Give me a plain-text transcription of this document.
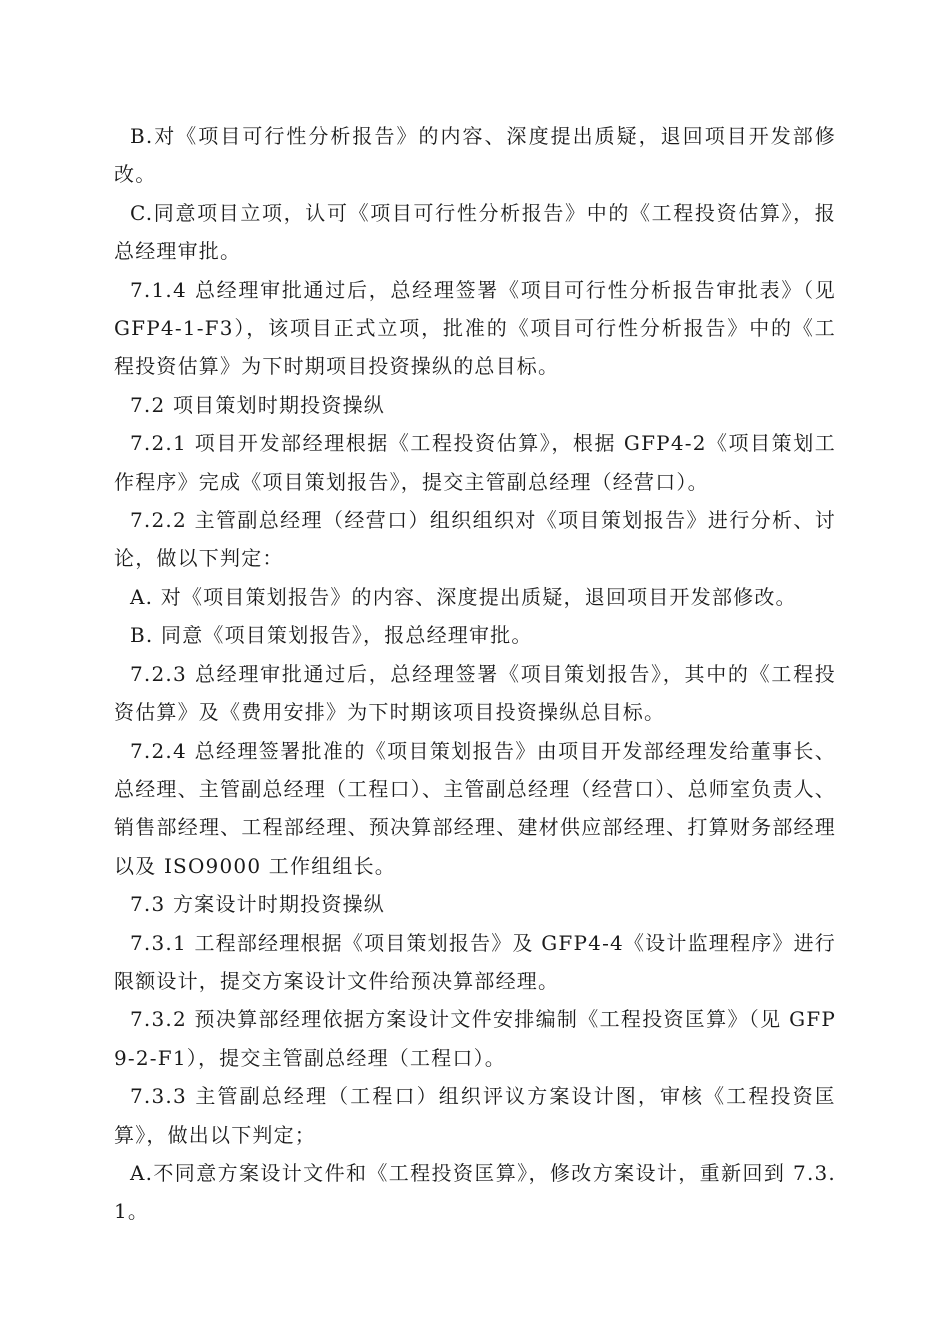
B.对《项目可行性分析报告》的内容、深度提出质疑，退回项目开发部修改。

C.同意项目立项，认可《项目可行性分析报告》中的《工程投资估算》，报总经理审批。

7.1.4 总经理审批通过后，总经理签署《项目可行性分析报告审批表》（见 GFP4-1-F3），该项目正式立项，批准的《项目可行性分析报告》中的《工程投资估算》为下时期项目投资操纵的总目标。

7.2 项目策划时期投资操纵

7.2.1 项目开发部经理根据《工程投资估算》，根据 GFP4-2《项目策划工作程序》完成《项目策划报告》，提交主管副总经理（经营口）。

7.2.2 主管副总经理（经营口）组织组织对《项目策划报告》进行分析、讨论，做以下判定：

A. 对《项目策划报告》的内容、深度提出质疑，退回项目开发部修改。

B. 同意《项目策划报告》，报总经理审批。

7.2.3 总经理审批通过后，总经理签署《项目策划报告》，其中的《工程投资估算》及《费用安排》为下时期该项目投资操纵总目标。

7.2.4 总经理签署批准的《项目策划报告》由项目开发部经理发给董事长、总经理、主管副总经理（工程口）、主管副总经理（经营口）、总师室负责人、销售部经理、工程部经理、预决算部经理、建材供应部经理、打算财务部经理以及 ISO9000 工作组组长。

7.3 方案设计时期投资操纵

7.3.1 工程部经理根据《项目策划报告》及 GFP4-4《设计监理程序》进行限额设计，提交方案设计文件给预决算部经理。

7.3.2 预决算部经理依据方案设计文件安排编制《工程投资匡算》（见 GFP9-2-F1），提交主管副总经理（工程口）。

7.3.3 主管副总经理（工程口）组织评议方案设计图，审核《工程投资匡算》，做出以下判定；

A.不同意方案设计文件和《工程投资匡算》，修改方案设计，重新回到 7.3.1。
